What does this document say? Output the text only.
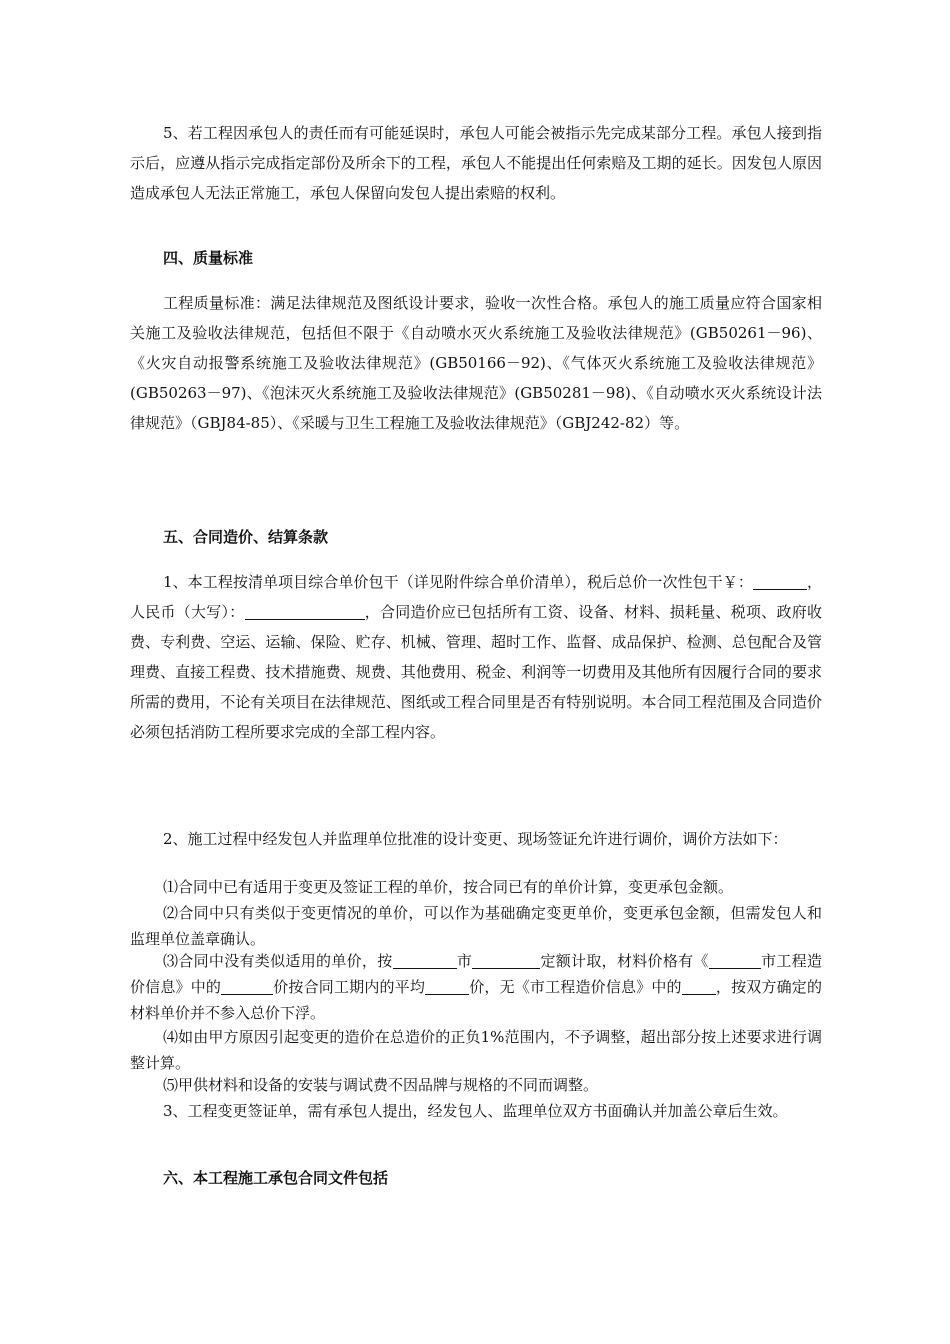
5、若工程因承包人的责任而有可能延误时，承包人可能会被指示先完成某部分工程。承包人接到指示后，应遵从指示完成指定部份及所余下的工程，承包人不能提出任何索赔及工期的延长。因发包人原因造成承包人无法正常施工，承包人保留向发包人提出索赔的权利。

四、质量标准

工程质量标准：满足法律规范及图纸设计要求，验收一次性合格。承包人的施工质量应符合国家相关施工及验收法律规范，包括但不限于《自动喷水灭火系统施工及验收法律规范》(GB50261－96)、《火灾自动报警系统施工及验收法律规范》(GB50166－92)、《气体灭火系统施工及验收法律规范》(GB50263－97)、《泡沫灭火系统施工及验收法律规范》(GB50281－98)、《自动喷水灭火系统设计法律规范》（GBJ84-85）、《采暖与卫生工程施工及验收法律规范》（GBJ242-82）等。

五、合同造价、结算条款

1、本工程按清单项目综合单价包干（详见附件综合单价清单），税后总价一次性包干￥：	，人民币（大写）：	，合同造价应已包括所有工资、设备、材料、损耗量、税项、政府收费、专利费、空运、运输、保险、贮存、机械、管理、超时工作、监督、成品保护、检测、总包配合及管理费、直接工程费、技术措施费、规费、其他费用、税金、利润等一切费用及其他所有因履行合同的要求所需的费用，不论有关项目在法律规范、图纸或工程合同里是否有特别说明。本合同工程范围及合同造价必须包括消防工程所要求完成的全部工程内容。

2、施工过程中经发包人并监理单位批准的设计变更、现场签证允许进行调价，调价方法如下：

⑴合同中已有适用于变更及签证工程的单价，按合同已有的单价计算，变更承包金额。

⑵合同中只有类似于变更情况的单价，可以作为基础确定变更单价，变更承包金额，但需发包人和监理单位盖章确认。

⑶合同中没有类似适用的单价，按	市	定额计取，材料价格有《	市工程造价信息》中的	价按合同工期内的平均	价，无《市工程造价信息》中的 ，按双方确定的材料单价并不参入总价下浮。

⑷如由甲方原因引起变更的造价在总造价的正负1%范围内，不予调整，超出部分按上述要求进行调整计算。

⑸甲供材料和设备的安装与调试费不因品牌与规格的不同而调整。

3、工程变更签证单，需有承包人提出，经发包人、监理单位双方书面确认并加盖公章后生效。

六、本工程施工承包合同文件包括
